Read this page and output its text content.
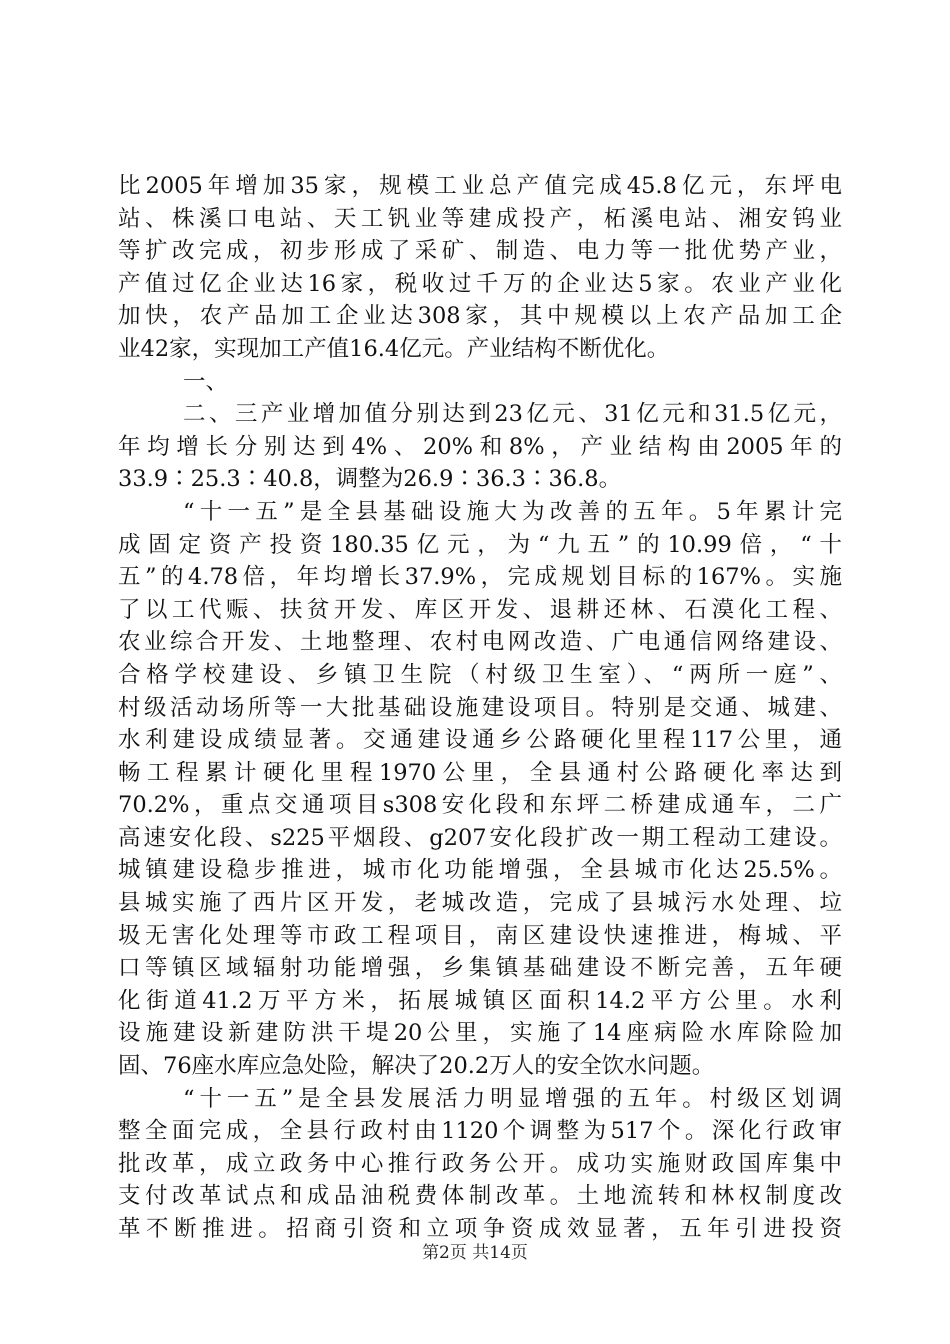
比2005年增加35家，规模工业总产值完成45.8亿元，东坪电
站、株溪口电站、天工钒业等建成投产，柘溪电站、湘安钨业
等扩改完成，初步形成了采矿、制造、电力等一批优势产业，
产值过亿企业达16家，税收过千万的企业达5家。农业产业化
加快，农产品加工企业达308家，其中规模以上农产品加工企
业42家，实现加工产值16.4亿元。产业结构不断优化。
一、
二、三产业增加值分别达到23亿元、31亿元和31.5亿元，
年均增长分别达到4%、20%和8%，产业结构由2005年的
33.9∶25.3∶40.8，调整为26.9∶36.3∶36.8。
“十一五”是全县基础设施大为改善的五年。5年累计完
成固定资产投资180.35亿元，为“九五”的10.99倍，“十
五”的4.78倍，年均增长37.9%，完成规划目标的167%。实施
了以工代赈、扶贫开发、库区开发、退耕还林、石漠化工程、
农业综合开发、土地整理、农村电网改造、广电通信网络建设、
合格学校建设、乡镇卫生院（村级卫生室）、“两所一庭”、
村级活动场所等一大批基础设施建设项目。特别是交通、城建、
水利建设成绩显著。交通建设通乡公路硬化里程117公里，通
畅工程累计硬化里程1970公里，全县通村公路硬化率达到
70.2%，重点交通项目s308安化段和东坪二桥建成通车，二广
高速安化段、s225平烟段、g207安化段扩改一期工程动工建设。
城镇建设稳步推进，城市化功能增强，全县城市化达25.5%。
县城实施了西片区开发，老城改造，完成了县城污水处理、垃
圾无害化处理等市政工程项目，南区建设快速推进，梅城、平
口等镇区域辐射功能增强，乡集镇基础建设不断完善，五年硬
化街道41.2万平方米，拓展城镇区面积14.2平方公里。水利
设施建设新建防洪干堤20公里，实施了14座病险水库除险加
固、76座水库应急处险，解决了20.2万人的安全饮水问题。
“十一五”是全县发展活力明显增强的五年。村级区划调
整全面完成，全县行政村由1120个调整为517个。深化行政审
批改革，成立政务中心推行政务公开。成功实施财政国库集中
支付改革试点和成品油税费体制改革。土地流转和林权制度改
革不断推进。招商引资和立项争资成效显著，五年引进投资
第2页 共14页
